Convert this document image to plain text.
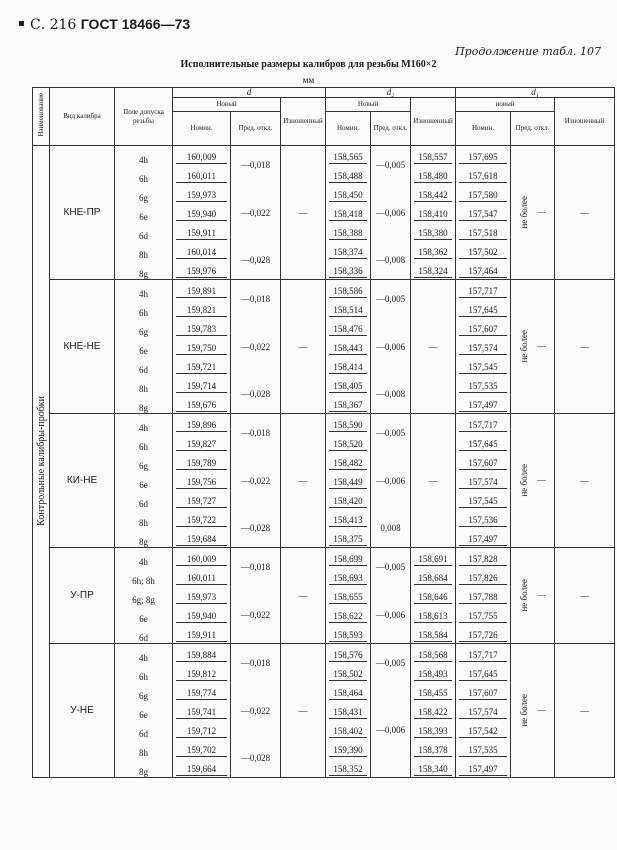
С. 216 ГОСТ 18466—73
Продолжение табл. 107
Исполнительные размеры калибров для резьбы М160×2
мм
Наименование	Вид калибра	Поле допуска резьбы	d			d₂			d₁		
			Новый		Изношенный	Новый		Изношенный	новый		Изношенный
			Номин.	Пред. откл.		Номин.	Пред. откл.		Номин.	Пред. откл.	
Контрольные калибры-пробки	КНЕ-ПР	4h	160,009	—0,018	—	158,565	—0,005	158,557	157,695	не более —	—
		6h	160,011			158,488		158,480	157,618		

		6g	159,973	—0,022		158,450	—0,006	158,442	157,580		

		6e	159,940			158,418		158,410	157,547		

		6d	159,911			158,388		158,380	157,518		

		8h	160,014	—0,028		158,374	—0,008	158,362	157,502		

		8g	159,976			158,336		158,324	157,464		

	КНЕ-НЕ	4h	159,891	—0,018	—	158,586	—0,005	—	157,717	не более —	—
		6h	159,821			158,514			157,645		

		6g	159,783	—0,022		158,476	—0,006		157,607		

		6e	159,750			158,443			157,574		

		6d	159,721			158,414			157,545		

		8h	159,714	—0,028		158,405	—0,008		157,535		

		8g	159,676			158,367			157,497		

	КИ-НЕ	4h	159,896	—0,018	—	158,590	—0,005	—	157,717	не более —	—
		6h	159,827			158,520			157,645		

		6g	159,789	—0,022		158,482	—0,006		157,607		

		6e	159,756			158,449			157,574		

		6d	159,727			158,420			157,545		

		8h	159,722	—0,028		158,413	0,008		157,536		

		8g	159,684			158,375			157,497		

	У-ПР	4h	160,009	—0,018	—	158,699	—0,005	158,691	157,828	не более —	—
		6h; 8h	160,011			158,693		158,684	157,826		

		6g; 8g	159,973	—0,022		158,655	—0,006	158,646	157,788		

		6e	159,940			158,622		158,613	157,755		

		6d	159,911			158,593		158,584	157,726		

	У-НЕ	4h	159,884	—0,018	—	158,576	—0,005	158,568	157,717	не более —	—
		6h	159,812			158,502		158,493	157,645		

		6g	159,774	—0,022		158,464	—0,006	158,455	157,607		

		6e	159,741			158,431		158,422	157,574		

		6d	159,712			158,402		158,393	157,542		

		8h	159,702	—0,028		159,390		158,378	157,535		

		8g	159,664			158,352		158,340	157,497		
▪
